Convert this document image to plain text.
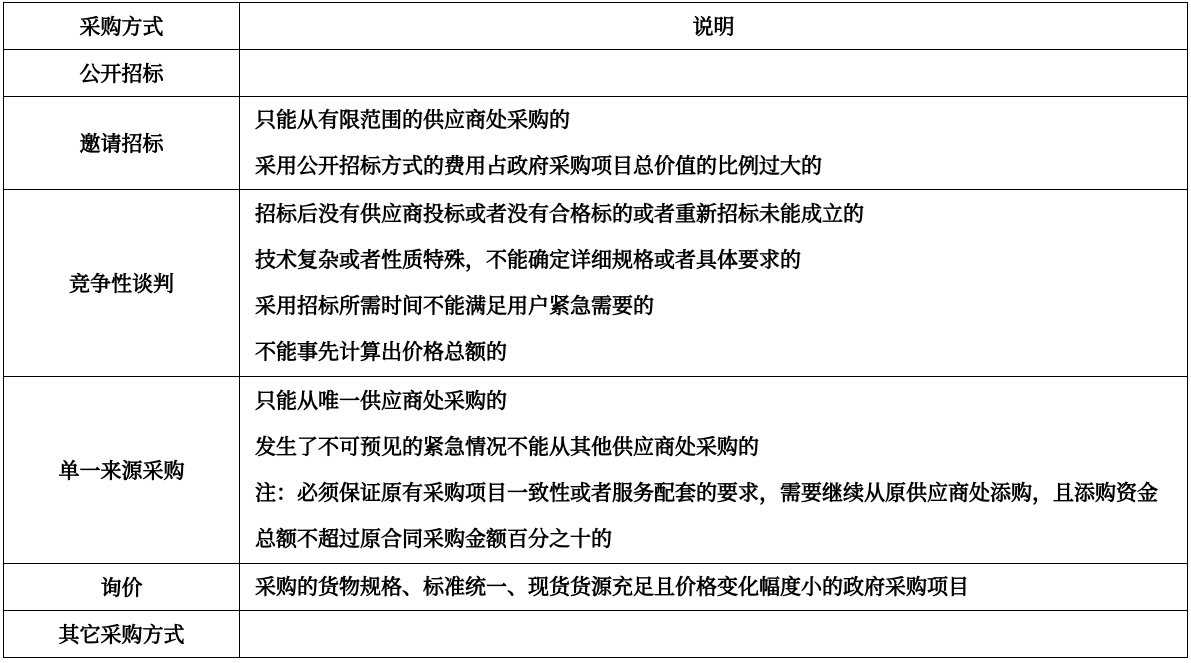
采购方式	说明
公开招标	
邀请招标	只能从有限范围的供应商处采购的
采用公开招标方式的费用占政府采购项目总价值的比例过大的

竞争性谈判	招标后没有供应商投标或者没有合格标的或者重新招标未能成立的
技术复杂或者性质特殊，不能确定详细规格或者具体要求的
采用招标所需时间不能满足用户紧急需要的
不能事先计算出价格总额的

单一来源采购	只能从唯一供应商处采购的
发生了不可预见的紧急情况不能从其他供应商处采购的
注：必须保证原有采购项目一致性或者服务配套的要求，需要继续从原供应商处添购，且添购资金总额不超过原合同采购金额百分之十的

询价	采购的货物规格、标准统一、现货货源充足且价格变化幅度小的政府采购项目

其它采购方式	
